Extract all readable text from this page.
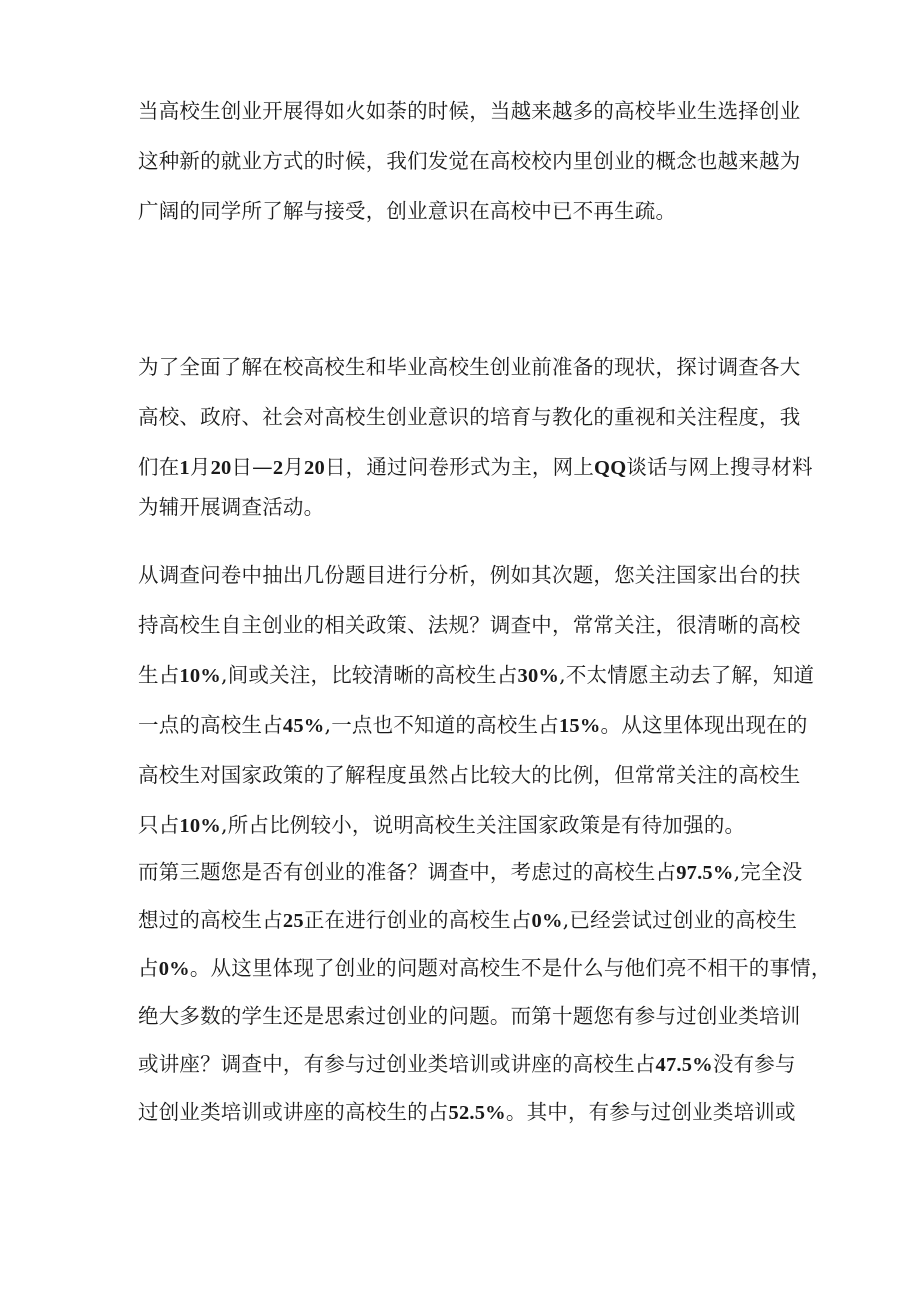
当高校生创业开展得如火如荼的时候，当越来越多的高校毕业生选择创业
这种新的就业方式的时候，我们发觉在高校校内里创业的概念也越来越为
广阔的同学所了解与接受，创业意识在高校中已不再生疏。
为了全面了解在校高校生和毕业高校生创业前准备的现状，探讨调查各大
高校、政府、社会对高校生创业意识的培育与教化的重视和关注程度，我
们在1月20日—2月20日，通过问卷形式为主，网上QQ谈话与网上搜寻材料
为辅开展调查活动。
从调查问卷中抽出几份题目进行分析，例如其次题，您关注国家出台的扶
持高校生自主创业的相关政策、法规？调查中，常常关注，很清晰的高校
生占10%,间或关注，比较清晰的高校生占30%,不太情愿主动去了解，知道
一点的高校生占45%,一点也不知道的高校生占15%。从这里体现出现在的
高校生对国家政策的了解程度虽然占比较大的比例，但常常关注的高校生
只占10%,所占比例较小，说明高校生关注国家政策是有待加强的。
而第三题您是否有创业的准备？调查中，考虑过的高校生占97.5%,完全没
想过的高校生占25正在进行创业的高校生占0%,已经尝试过创业的高校生
占0%。从这里体现了创业的问题对高校生不是什么与他们亮不相干的事情，
绝大多数的学生还是思索过创业的问题。而第十题您有参与过创业类培训
或讲座？调查中，有参与过创业类培训或讲座的高校生占47.5%没有参与
过创业类培训或讲座的高校生的占52.5%。其中，有参与过创业类培训或
